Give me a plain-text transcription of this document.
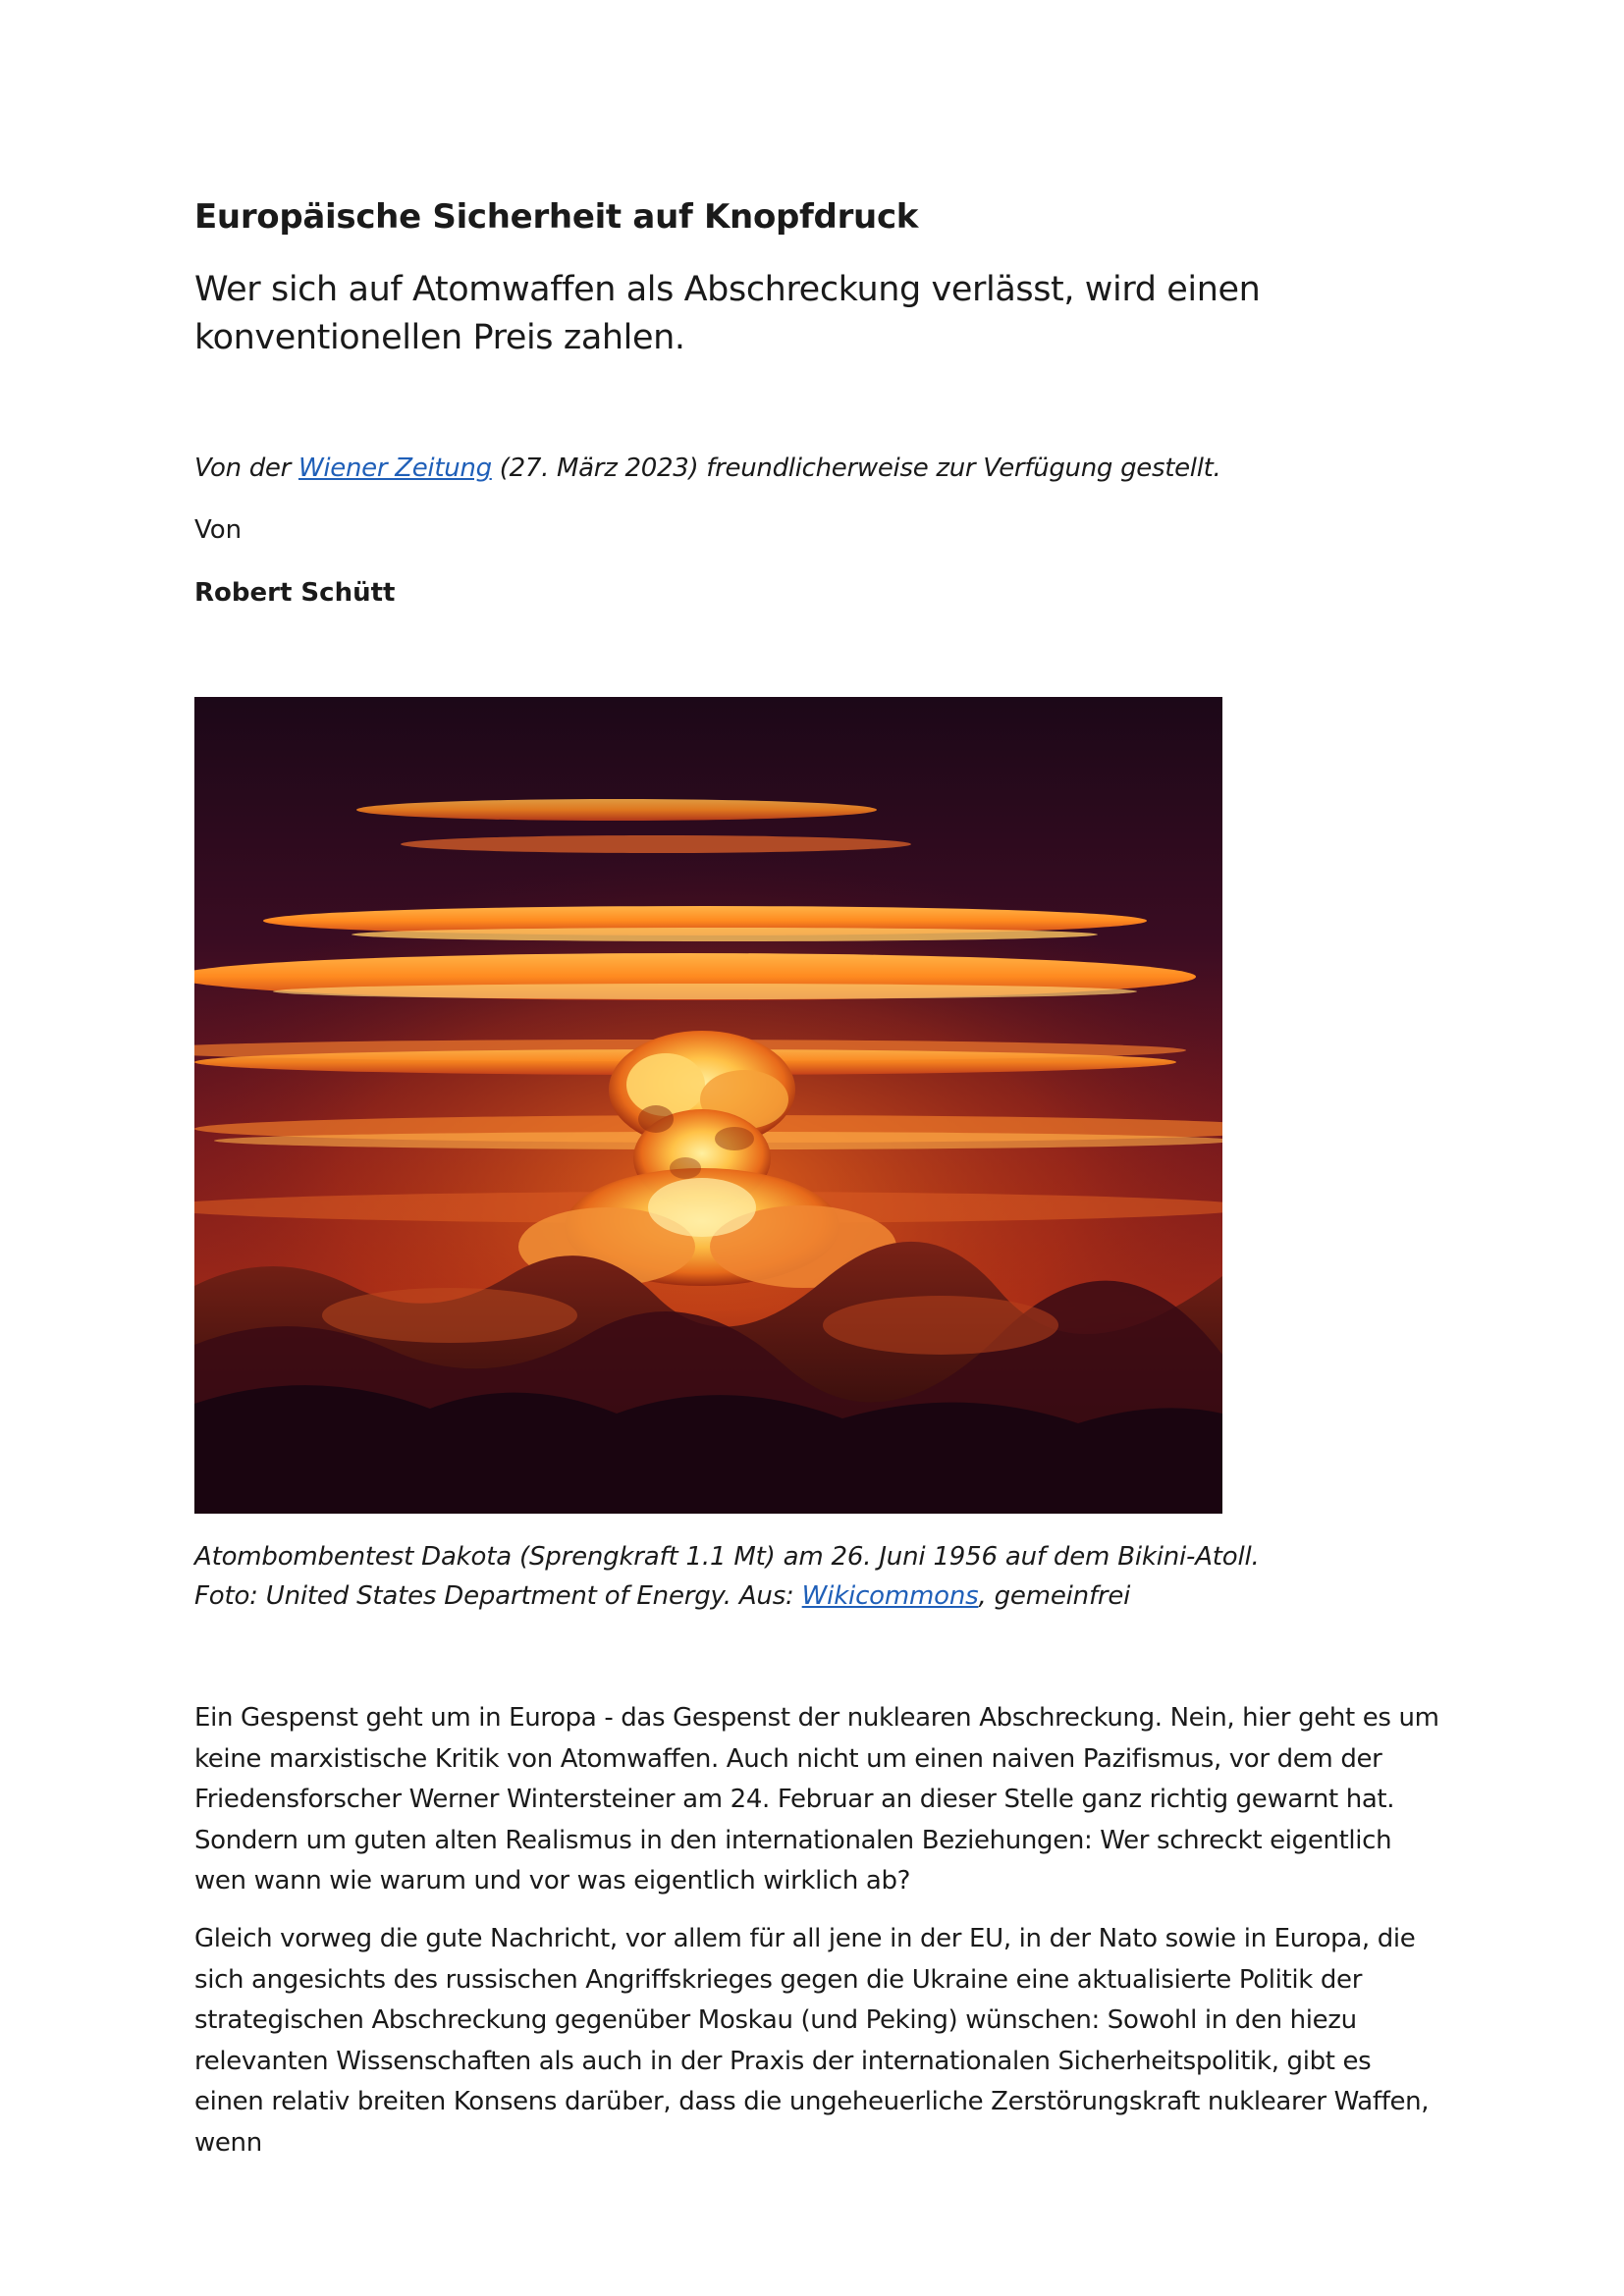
Europäische Sicherheit auf Knopfdruck
Wer sich auf Atomwaffen als Abschreckung verlässt, wird einen konventionellen Preis zahlen.
Von der Wiener Zeitung (27. März 2023) freundlicherweise zur Verfügung gestellt.
Von
Robert Schütt
Atombombentest Dakota (Sprengkraft 1.1 Mt) am 26. Juni 1956 auf dem Bikini-Atoll.
Foto: United States Department of Energy. Aus: Wikicommons, gemeinfrei

Ein Gespenst geht um in Europa - das Gespenst der nuklearen Abschreckung. Nein, hier geht es um keine marxistische Kritik von Atomwaffen. Auch nicht um einen naiven Pazifismus, vor dem der Friedensforscher Werner Wintersteiner am 24. Februar an dieser Stelle ganz richtig gewarnt hat. Sondern um guten alten Realismus in den internationalen Beziehungen: Wer schreckt eigentlich wen wann wie warum und vor was eigentlich wirklich ab?

Gleich vorweg die gute Nachricht, vor allem für all jene in der EU, in der Nato sowie in Europa, die sich angesichts des russischen Angriffskrieges gegen die Ukraine eine aktualisierte Politik der strategischen Abschreckung gegenüber Moskau (und Peking) wünschen: Sowohl in den hiezu relevanten Wissenschaften als auch in der Praxis der internationalen Sicherheitspolitik, gibt es einen relativ breiten Konsens darüber, dass die ungeheuerliche Zerstörungskraft nuklearer Waffen, wenn
